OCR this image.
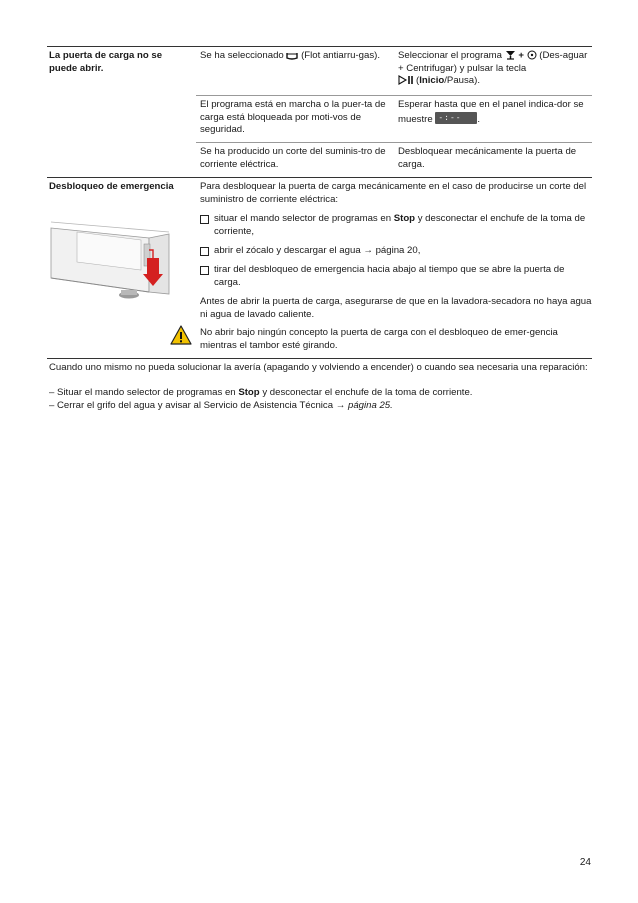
La puerta de carga no se puede abrir.
Se ha seleccionado (Flot antiarru-gas).	Seleccionar el programa + (Des-aguar + Centrifugar) y pulsar la tecla
(Inicio/Pausa).
El programa está en marcha o la puer-ta de carga está bloqueada por moti-vos de seguridad.
Esperar hasta que en el panel indica-dor se muestre -:-- .
Se ha producido un corte del suminis-tro de corriente eléctrica.
Desbloquear mecánicamente la puerta de carga.
Desbloqueo de emergencia	Para desbloquear la puerta de carga mecánicamente en el caso de producirse un corte del suministro de corriente eléctrica:
situar el mando selector de programas en Stop y desconectar el enchufe de la toma de corriente,
abrir el zócalo y descargar el agua → página 20,
tirar del desbloqueo de emergencia hacia abajo al tiempo que se abre la puerta de carga.
Antes de abrir la puerta de carga, asegurarse de que en la lavadora-secadora no haya agua ni agua de lavado caliente.
No abrir bajo ningún concepto la puerta de carga con el desbloqueo de emer-gencia mientras el tambor esté girando.
Cuando uno mismo no pueda solucionar la avería (apagando y volviendo a encender) o cuando sea necesaria una reparación:
– Situar el mando selector de programas en Stop y desconectar el enchufe de la toma de corriente.
– Cerrar el grifo del agua y avisar al Servicio de Asistencia Técnica → página 25.
24
